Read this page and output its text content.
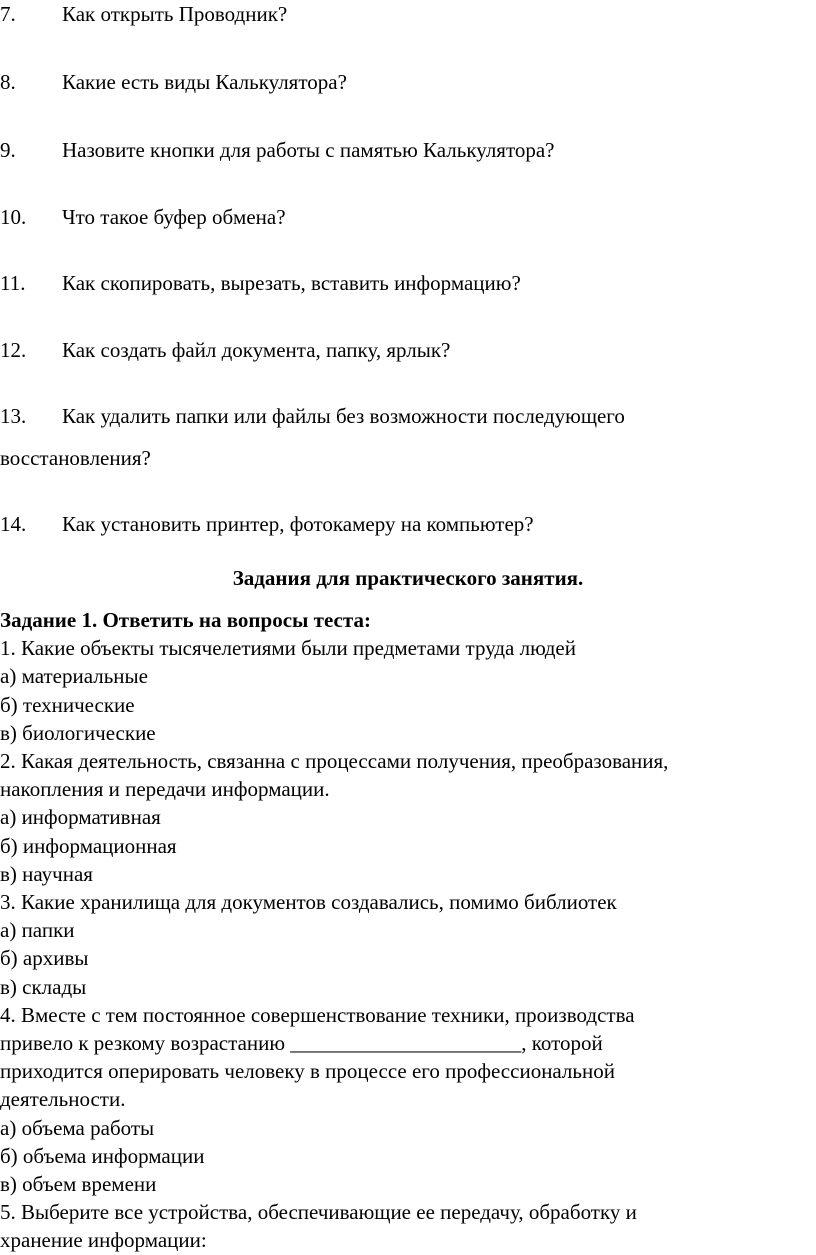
7. Как открыть Проводник?
8. Какие есть виды Калькулятора?
9. Назовите кнопки для работы с памятью Калькулятора?
10. Что такое буфер обмена?
11. Как скопировать, вырезать, вставить информацию?
12. Как создать файл документа, папку, ярлык?
13. Как удалить папки или файлы без возможности последующего
восстановления?
14. Как установить принтер, фотокамеру на компьютер?
Задания для практического занятия.
Задание 1. Ответить на вопросы теста:
1. Какие объекты тысячелетиями были предметами труда людей
а) материальные
б) технические
в) биологические
2. Какая деятельность, связанна с процессами получения, преобразования,
накопления и передачи информации.
а) информативная
б) информационная
в) научная
3. Какие хранилища для документов создавались, помимо библиотек
а) папки
б) архивы
в) склады
4. Вместе с тем постоянное совершенствование техники, производства
привело к резкому возрастанию ______________________, которой
приходится оперировать человеку в процессе его профессиональной
деятельности.
а) объема работы
б) объема информации
в) объем времени
5. Выберите все устройства, обеспечивающие ее передачу, обработку и
хранение информации:
